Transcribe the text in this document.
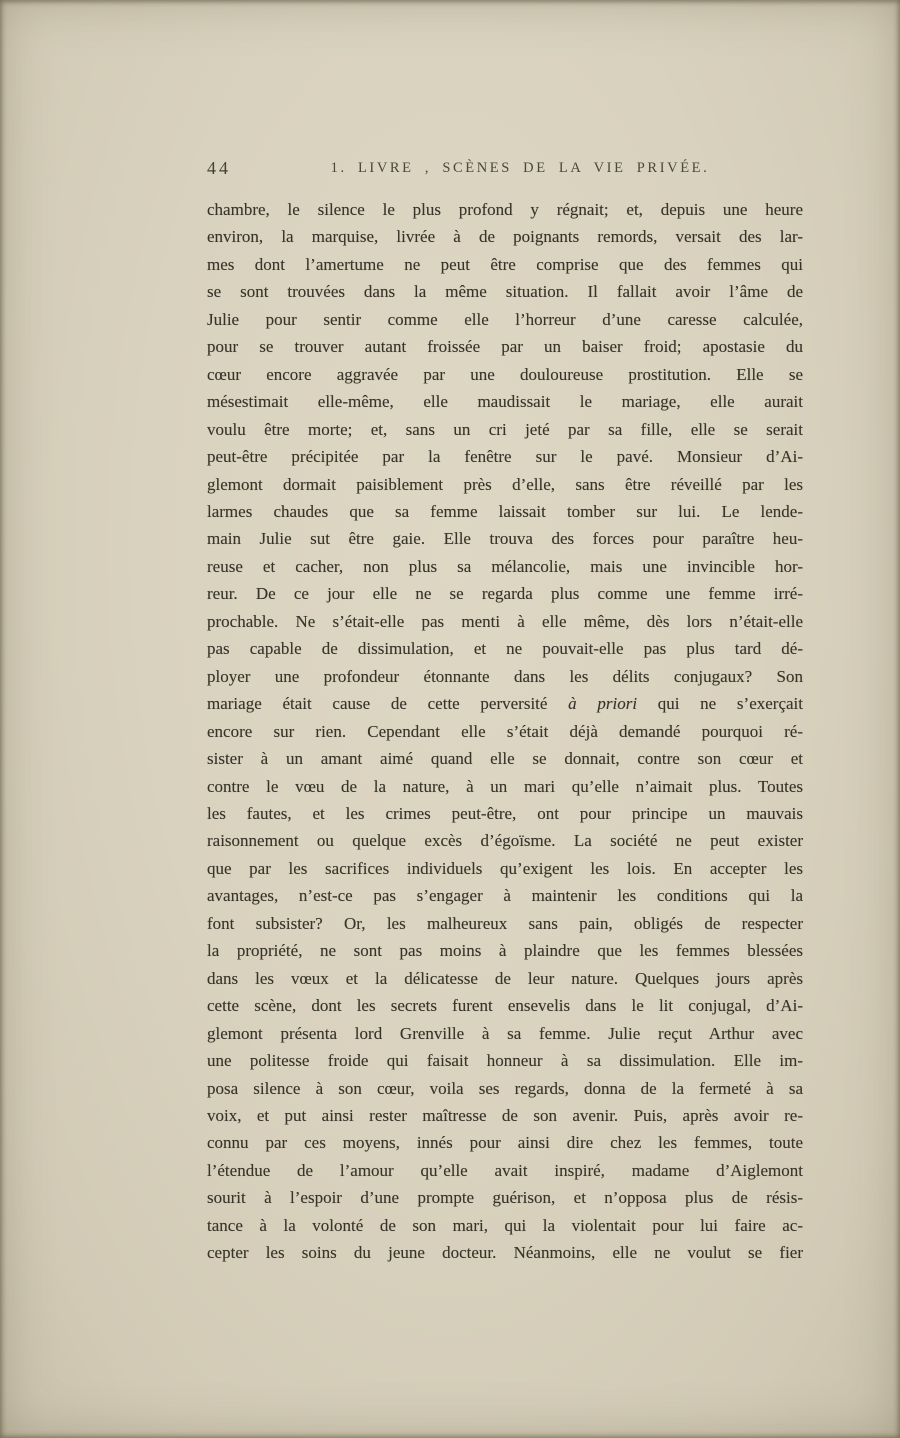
44	1. LIVRE , SCÈNES DE LA VIE PRIVÉE.
chambre, le silence le plus profond y régnait; et, depuis une heure
environ, la marquise, livrée à de poignants remords, versait des lar-
mes dont l’amertume ne peut être comprise que des femmes qui
se sont trouvées dans la même situation. Il fallait avoir l’âme de
Julie pour sentir comme elle l’horreur d’une caresse calculée,
pour se trouver autant froissée par un baiser froid; apostasie du
cœur encore aggravée par une douloureuse prostitution. Elle se
mésestimait elle-même, elle maudissait le mariage, elle aurait
voulu être morte; et, sans un cri jeté par sa fille, elle se serait
peut-être précipitée par la fenêtre sur le pavé. Monsieur d’Ai-
glemont dormait paisiblement près d’elle, sans être réveillé par les
larmes chaudes que sa femme laissait tomber sur lui. Le lende-
main Julie sut être gaie. Elle trouva des forces pour paraître heu-
reuse et cacher, non plus sa mélancolie, mais une invincible hor-
reur. De ce jour elle ne se regarda plus comme une femme irré-
prochable. Ne s’était-elle pas menti à elle même, dès lors n’était-elle
pas capable de dissimulation, et ne pouvait-elle pas plus tard dé-
ployer une profondeur étonnante dans les délits conjugaux? Son
mariage était cause de cette perversité à priori qui ne s’exerçait
encore sur rien. Cependant elle s’était déjà demandé pourquoi ré-
sister à un amant aimé quand elle se donnait, contre son cœur et
contre le vœu de la nature, à un mari qu’elle n’aimait plus. Toutes
les fautes, et les crimes peut-être, ont pour principe un mauvais
raisonnement ou quelque excès d’égoïsme. La société ne peut exister
que par les sacrifices individuels qu’exigent les lois. En accepter les
avantages, n’est-ce pas s’engager à maintenir les conditions qui la
font subsister? Or, les malheureux sans pain, obligés de respecter
la propriété, ne sont pas moins à plaindre que les femmes blessées
dans les vœux et la délicatesse de leur nature. Quelques jours après
cette scène, dont les secrets furent ensevelis dans le lit conjugal, d’Ai-
glemont présenta lord Grenville à sa femme. Julie reçut Arthur avec
une politesse froide qui faisait honneur à sa dissimulation. Elle im-
posa silence à son cœur, voila ses regards, donna de la fermeté à sa
voix, et put ainsi rester maîtresse de son avenir. Puis, après avoir re-
connu par ces moyens, innés pour ainsi dire chez les femmes, toute
l’étendue de l’amour qu’elle avait inspiré, madame d’Aiglemont
sourit à l’espoir d’une prompte guérison, et n’opposa plus de résis-
tance à la volonté de son mari, qui la violentait pour lui faire ac-
cepter les soins du jeune docteur. Néanmoins, elle ne voulut se fier
